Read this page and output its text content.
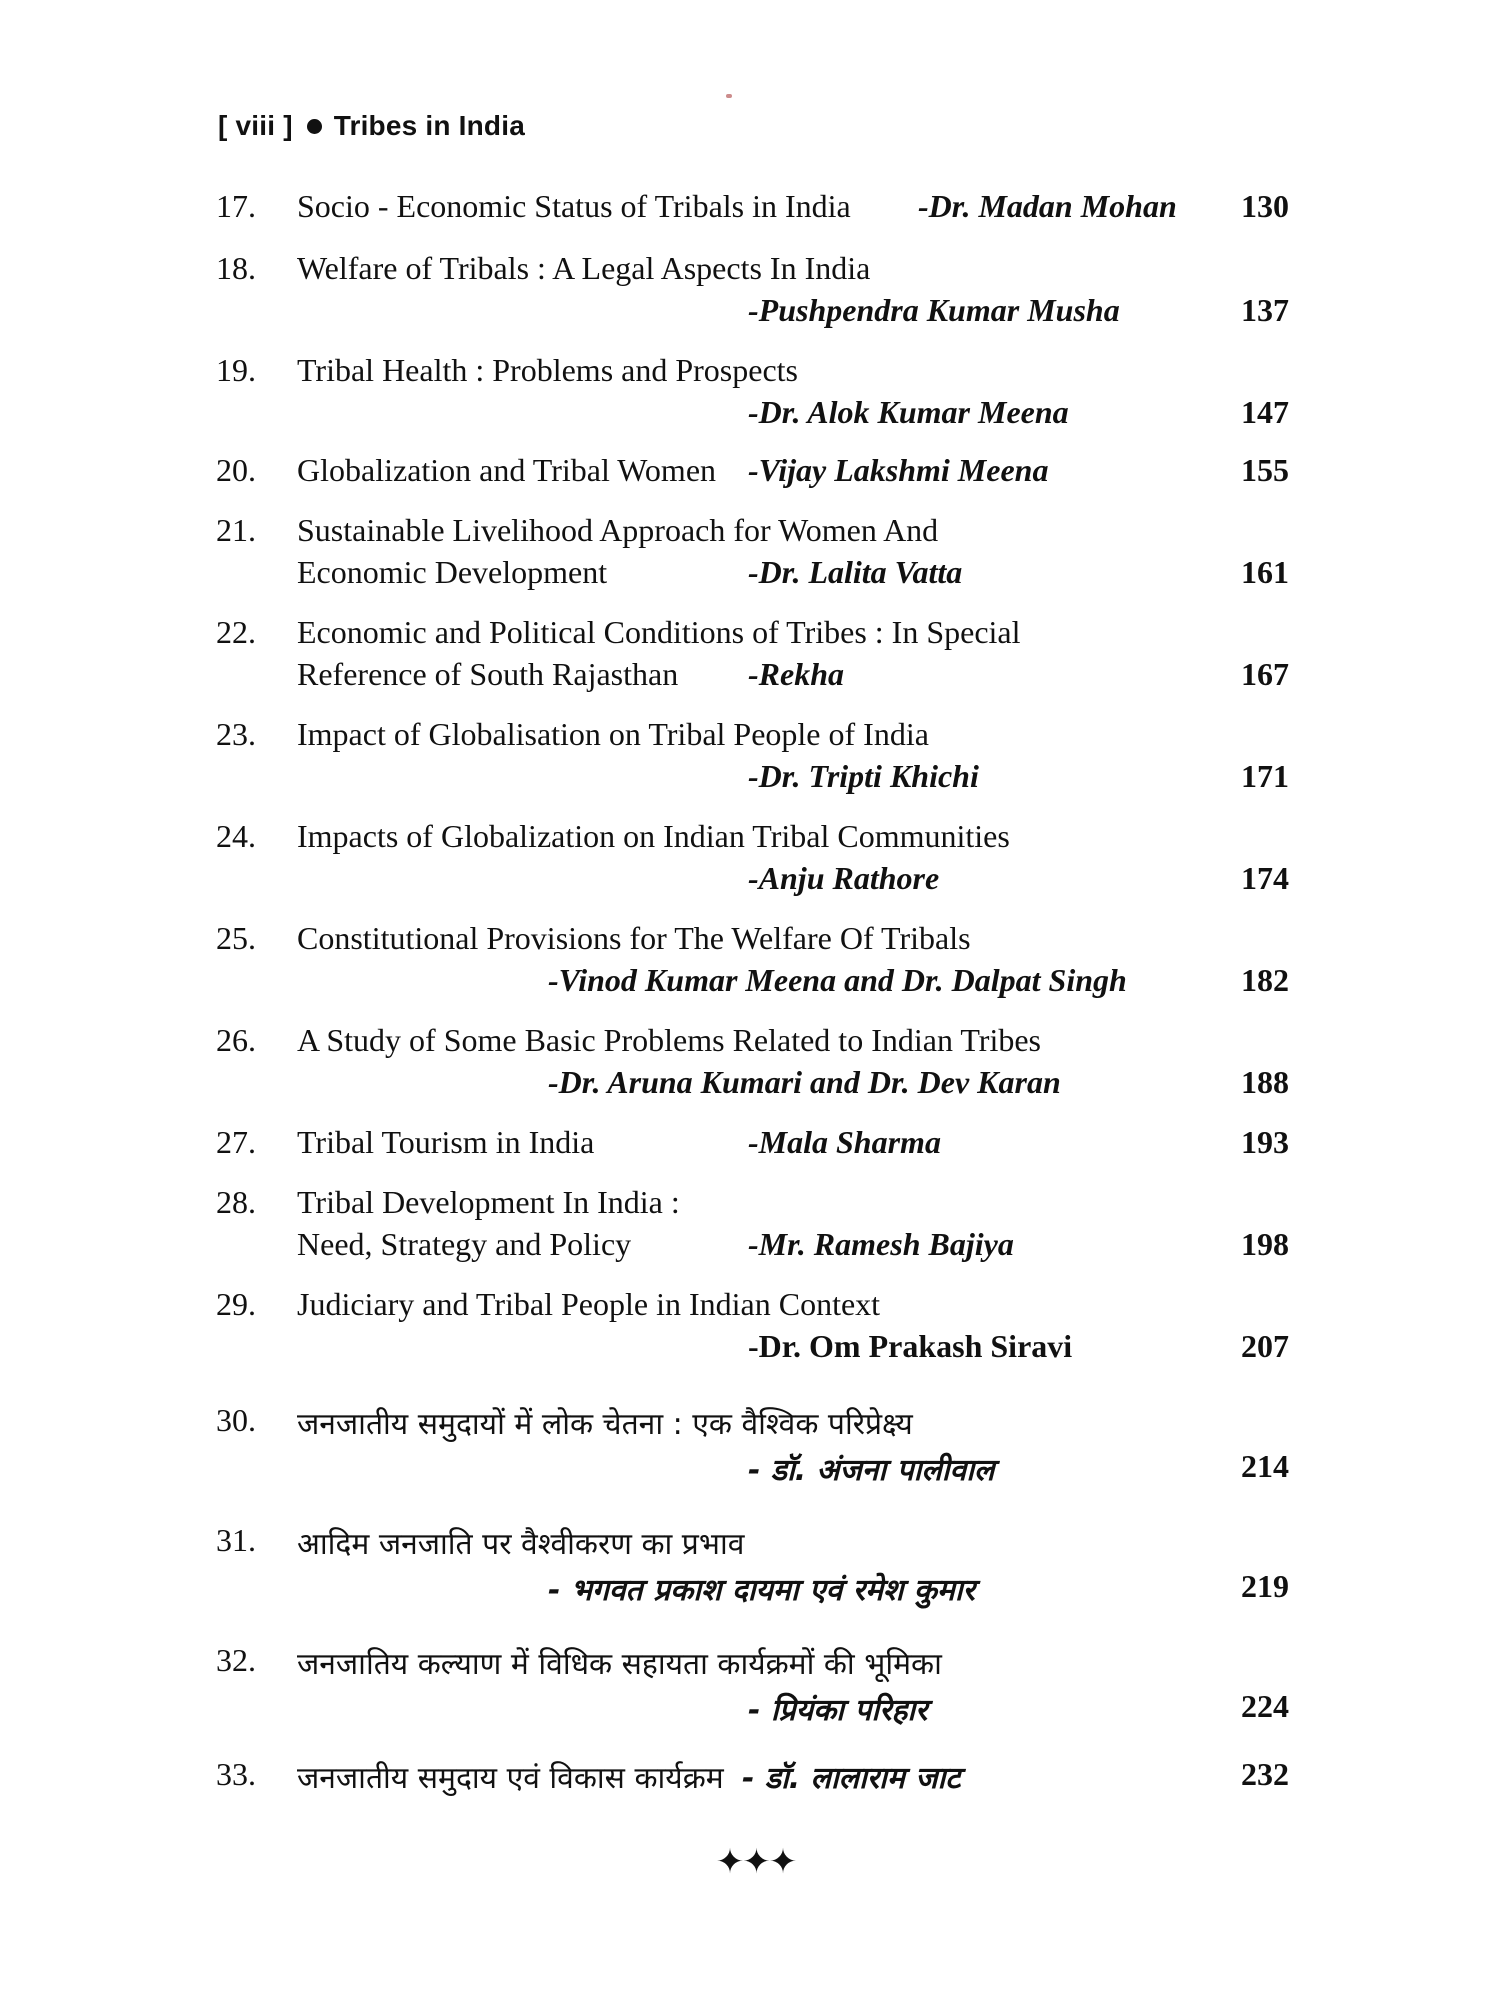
[ viii ] Tribes in India
17. Socio - Economic Status of Tribals in India -Dr. Madan Mohan 130
18. Welfare of Tribals : A Legal Aspects In India
-Pushpendra Kumar Musha	137
19. Tribal Health : Problems and Prospects
-Dr. Alok Kumar Meena	147
20. Globalization and Tribal Women -Vijay Lakshmi Meena	155
21. Sustainable Livelihood Approach for Women And
Economic Development	-Dr. Lalita Vatta	161
22. Economic and Political Conditions of Tribes : In Special
Reference of South Rajasthan -Rekha	167
23. Impact of Globalisation on Tribal People of India
-Dr. Tripti Khichi	171
24. Impacts of Globalization on Indian Tribal Communities
-Anju Rathore	174
25. Constitutional Provisions for The Welfare Of Tribals
-Vinod Kumar Meena and Dr. Dalpat Singh	182
26. A Study of Some Basic Problems Related to Indian Tribes
-Dr. Aruna Kumari and Dr. Dev Karan	188
27. Tribal Tourism in India	-Mala Sharma	193
28. Tribal Development In India :
Need, Strategy and Policy	-Mr. Ramesh Bajiya	198
29. Judiciary and Tribal People in Indian Context
-Dr. Om Prakash Siravi	207
30. जनजातीय समुदायों में लोक चेतना : एक वैश्विक परिप्रेक्ष्य
- डॉ. अंजना पालीवाल	214
31. आदिम जनजाति पर वैश्वीकरण का प्रभाव
- भगवत प्रकाश दायमा एवं रमेश कुमार	219
32. जनजातिय कल्याण में विधिक सहायता कार्यक्रमों की भूमिका
- प्रियंका परिहार	224
33. जनजातीय समुदाय एवं विकास कार्यक्रम - डॉ. लालाराम जाट	232
✦✦✦
